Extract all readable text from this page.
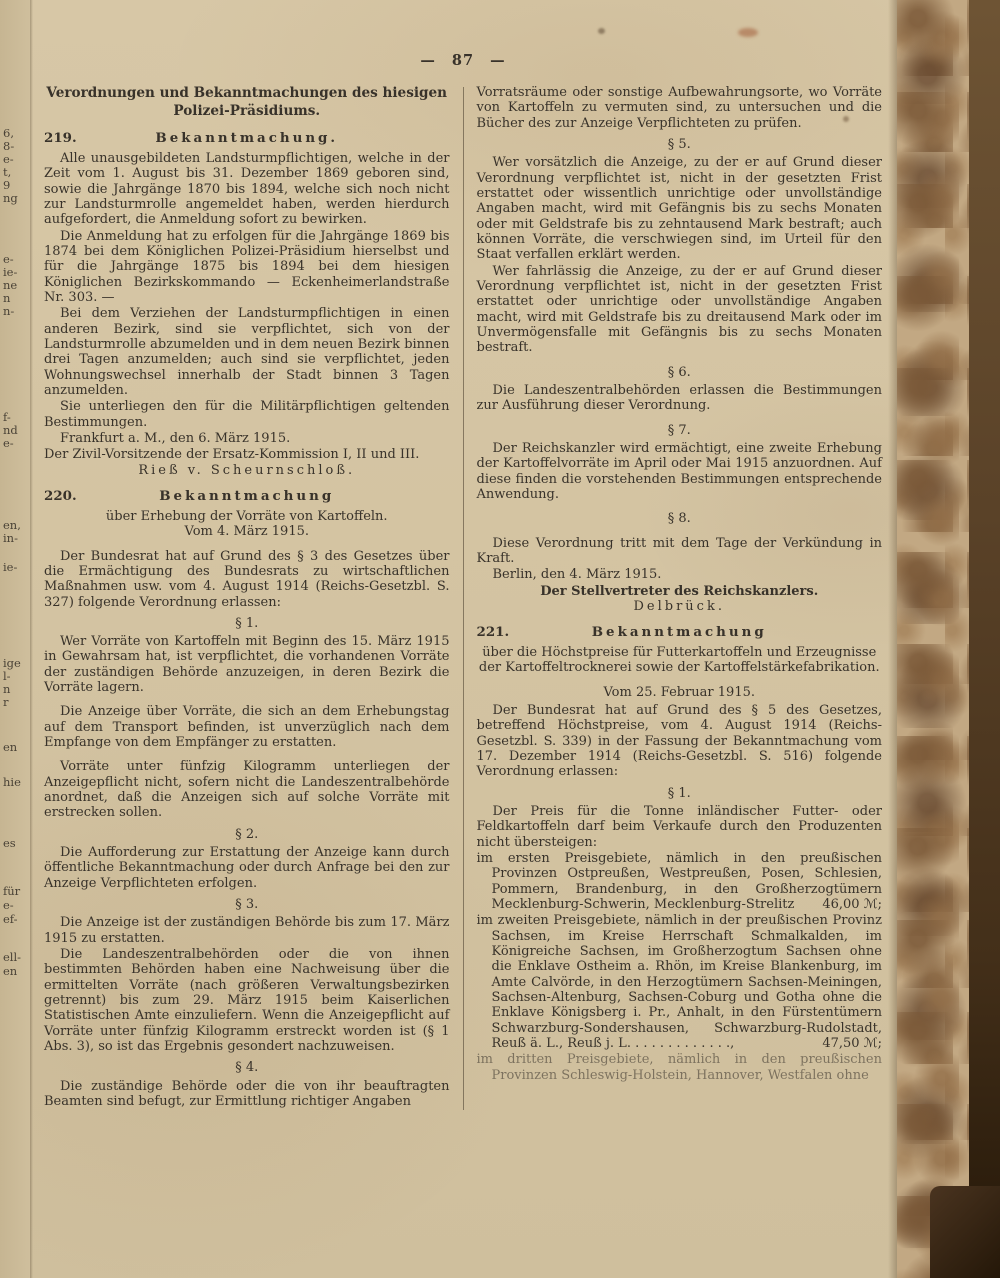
6,
8-
e-
t,
9
ng
e-
ie-
ne
n
n-
f-
nd
e-
en,
in-
ie-
ige
l-
n
r
en
hie
es
für
e-
ef-
ell-
en
— 87 —
Verordnungen und Bekanntmachungen des hiesigen
Polizei-Präsidiums.
219.	Bekanntmachung.

Alle unausgebildeten Landsturmpflichtigen, welche in der Zeit vom 1. August bis 31. Dezember 1869 geboren sind, sowie die Jahrgänge 1870 bis 1894, welche sich noch nicht zur Landsturmrolle angemeldet haben, werden hierdurch aufgefordert, die Anmeldung sofort zu bewirken.

Die Anmeldung hat zu erfolgen für die Jahrgänge 1869 bis 1874 bei dem Königlichen Polizei-Präsidium hierselbst und für die Jahrgänge 1875 bis 1894 bei dem hiesigen Königlichen Bezirkskommando — Eckenheimerlandstraße Nr. 303. —

Bei dem Verziehen der Landsturmpflichtigen in einen anderen Bezirk, sind sie verpflichtet, sich von der Landsturmrolle abzumelden und in dem neuen Bezirk binnen drei Tagen anzumelden; auch sind sie verpflichtet, jeden Wohnungswechsel innerhalb der Stadt binnen 3 Tagen anzumelden.

Sie unterliegen den für die Militärpflichtigen geltenden Bestimmungen.

Frankfurt a. M., den 6. März 1915.

Der Zivil-Vorsitzende der Ersatz-Kommission I, II und III.

Rieß v. Scheurnschloß.

220.	Bekanntmachung

über Erhebung der Vorräte von Kartoffeln.

Vom 4. März 1915.

Der Bundesrat hat auf Grund des § 3 des Gesetzes über die Ermächtigung des Bundesrats zu wirtschaftlichen Maßnahmen usw. vom 4. August 1914 (Reichs-Gesetzbl. S. 327) folgende Verordnung erlassen:

§ 1.

Wer Vorräte von Kartoffeln mit Beginn des 15. März 1915 in Gewahrsam hat, ist verpflichtet, die vorhandenen Vorräte der zuständigen Behörde anzuzeigen, in deren Bezirk die Vorräte lagern.

Die Anzeige über Vorräte, die sich an dem Erhebungstag auf dem Transport befinden, ist unverzüglich nach dem Empfange von dem Empfänger zu erstatten.

Vorräte unter fünfzig Kilogramm unterliegen der Anzeigepflicht nicht, sofern nicht die Landeszentralbehörde anordnet, daß die Anzeigen sich auf solche Vorräte mit erstrecken sollen.

§ 2.

Die Aufforderung zur Erstattung der Anzeige kann durch öffentliche Bekanntmachung oder durch Anfrage bei den zur Anzeige Verpflichteten erfolgen.

§ 3.

Die Anzeige ist der zuständigen Behörde bis zum 17. März 1915 zu erstatten.

Die Landeszentralbehörden oder die von ihnen bestimmten Behörden haben eine Nachweisung über die ermittelten Vorräte (nach größeren Verwaltungsbezirken getrennt) bis zum 29. März 1915 beim Kaiserlichen Statistischen Amte einzuliefern. Wenn die Anzeigepflicht auf Vorräte unter fünfzig Kilogramm erstreckt worden ist (§ 1 Abs. 3), so ist das Ergebnis gesondert nachzuweisen.

§ 4.

Die zuständige Behörde oder die von ihr beauftragten Beamten sind befugt, zur Ermittlung richtiger Angaben

Vorratsräume oder sonstige Aufbewahrungsorte, wo Vorräte von Kartoffeln zu vermuten sind, zu untersuchen und die Bücher des zur Anzeige Verpflichteten zu prüfen.

§ 5.

Wer vorsätzlich die Anzeige, zu der er auf Grund dieser Verordnung verpflichtet ist, nicht in der gesetzten Frist erstattet oder wissentlich unrichtige oder unvollständige Angaben macht, wird mit Gefängnis bis zu sechs Monaten oder mit Geldstrafe bis zu zehntausend Mark bestraft; auch können Vorräte, die verschwiegen sind, im Urteil für den Staat verfallen erklärt werden.

Wer fahrlässig die Anzeige, zu der er auf Grund dieser Verordnung verpflichtet ist, nicht in der gesetzten Frist erstattet oder unrichtige oder unvollständige Angaben macht, wird mit Geldstrafe bis zu dreitausend Mark oder im Unvermögensfalle mit Gefängnis bis zu sechs Monaten bestraft.

§ 6.

Die Landeszentralbehörden erlassen die Bestimmungen zur Ausführung dieser Verordnung.

§ 7.

Der Reichskanzler wird ermächtigt, eine zweite Erhebung der Kartoffelvorräte im April oder Mai 1915 anzuordnen. Auf diese finden die vorstehenden Bestimmungen entsprechende Anwendung.

§ 8.

Diese Verordnung tritt mit dem Tage der Verkündung in Kraft.

Berlin, den 4. März 1915.

Der Stellvertreter des Reichskanzlers.

Delbrück.

221.	Bekanntmachung

über die Höchstpreise für Futterkartoffeln und Erzeugnisse der Kartoffeltrocknerei sowie der Kartoffelstärkefabrikation.

Vom 25. Februar 1915.

Der Bundesrat hat auf Grund des § 5 des Gesetzes, betreffend Höchstpreise, vom 4. August 1914 (Reichs-Gesetzbl. S. 339) in der Fassung der Bekanntmachung vom 17. Dezember 1914 (Reichs-Gesetzbl. S. 516) folgende Verordnung erlassen:

§ 1.

Der Preis für die Tonne inländischer Futter- oder Feldkartoffeln darf beim Verkaufe durch den Produzenten nicht übersteigen:

im ersten Preisgebiete, nämlich in den preußischen Provinzen Ostpreußen, Westpreußen, Posen, Schlesien, Pommern, Brandenburg, in den Großherzogtümern Mecklenburg-Schwerin, Mecklenburg-Strelitz 46,00 ℳ;

im zweiten Preisgebiete, nämlich in der preußischen Provinz Sachsen, im Kreise Herrschaft Schmalkalden, im Königreiche Sachsen, im Großherzogtum Sachsen ohne die Enklave Ostheim a. Rhön, im Kreise Blankenburg, im Amte Calvörde, in den Herzogtümern Sachsen-Meiningen, Sachsen-Altenburg, Sachsen-Coburg und Gotha ohne die Enklave Königsberg i. Pr., Anhalt, in den Fürstentümern Schwarzburg-Sondershausen, Schwarzburg-Rudolstadt, Reuß ä. L., Reuß j. L. . . . . . . . . . . . .,	47,50 ℳ;

im dritten Preisgebiete, nämlich in den preußischen Provinzen Schleswig-Holstein, Hannover, Westfalen ohne
